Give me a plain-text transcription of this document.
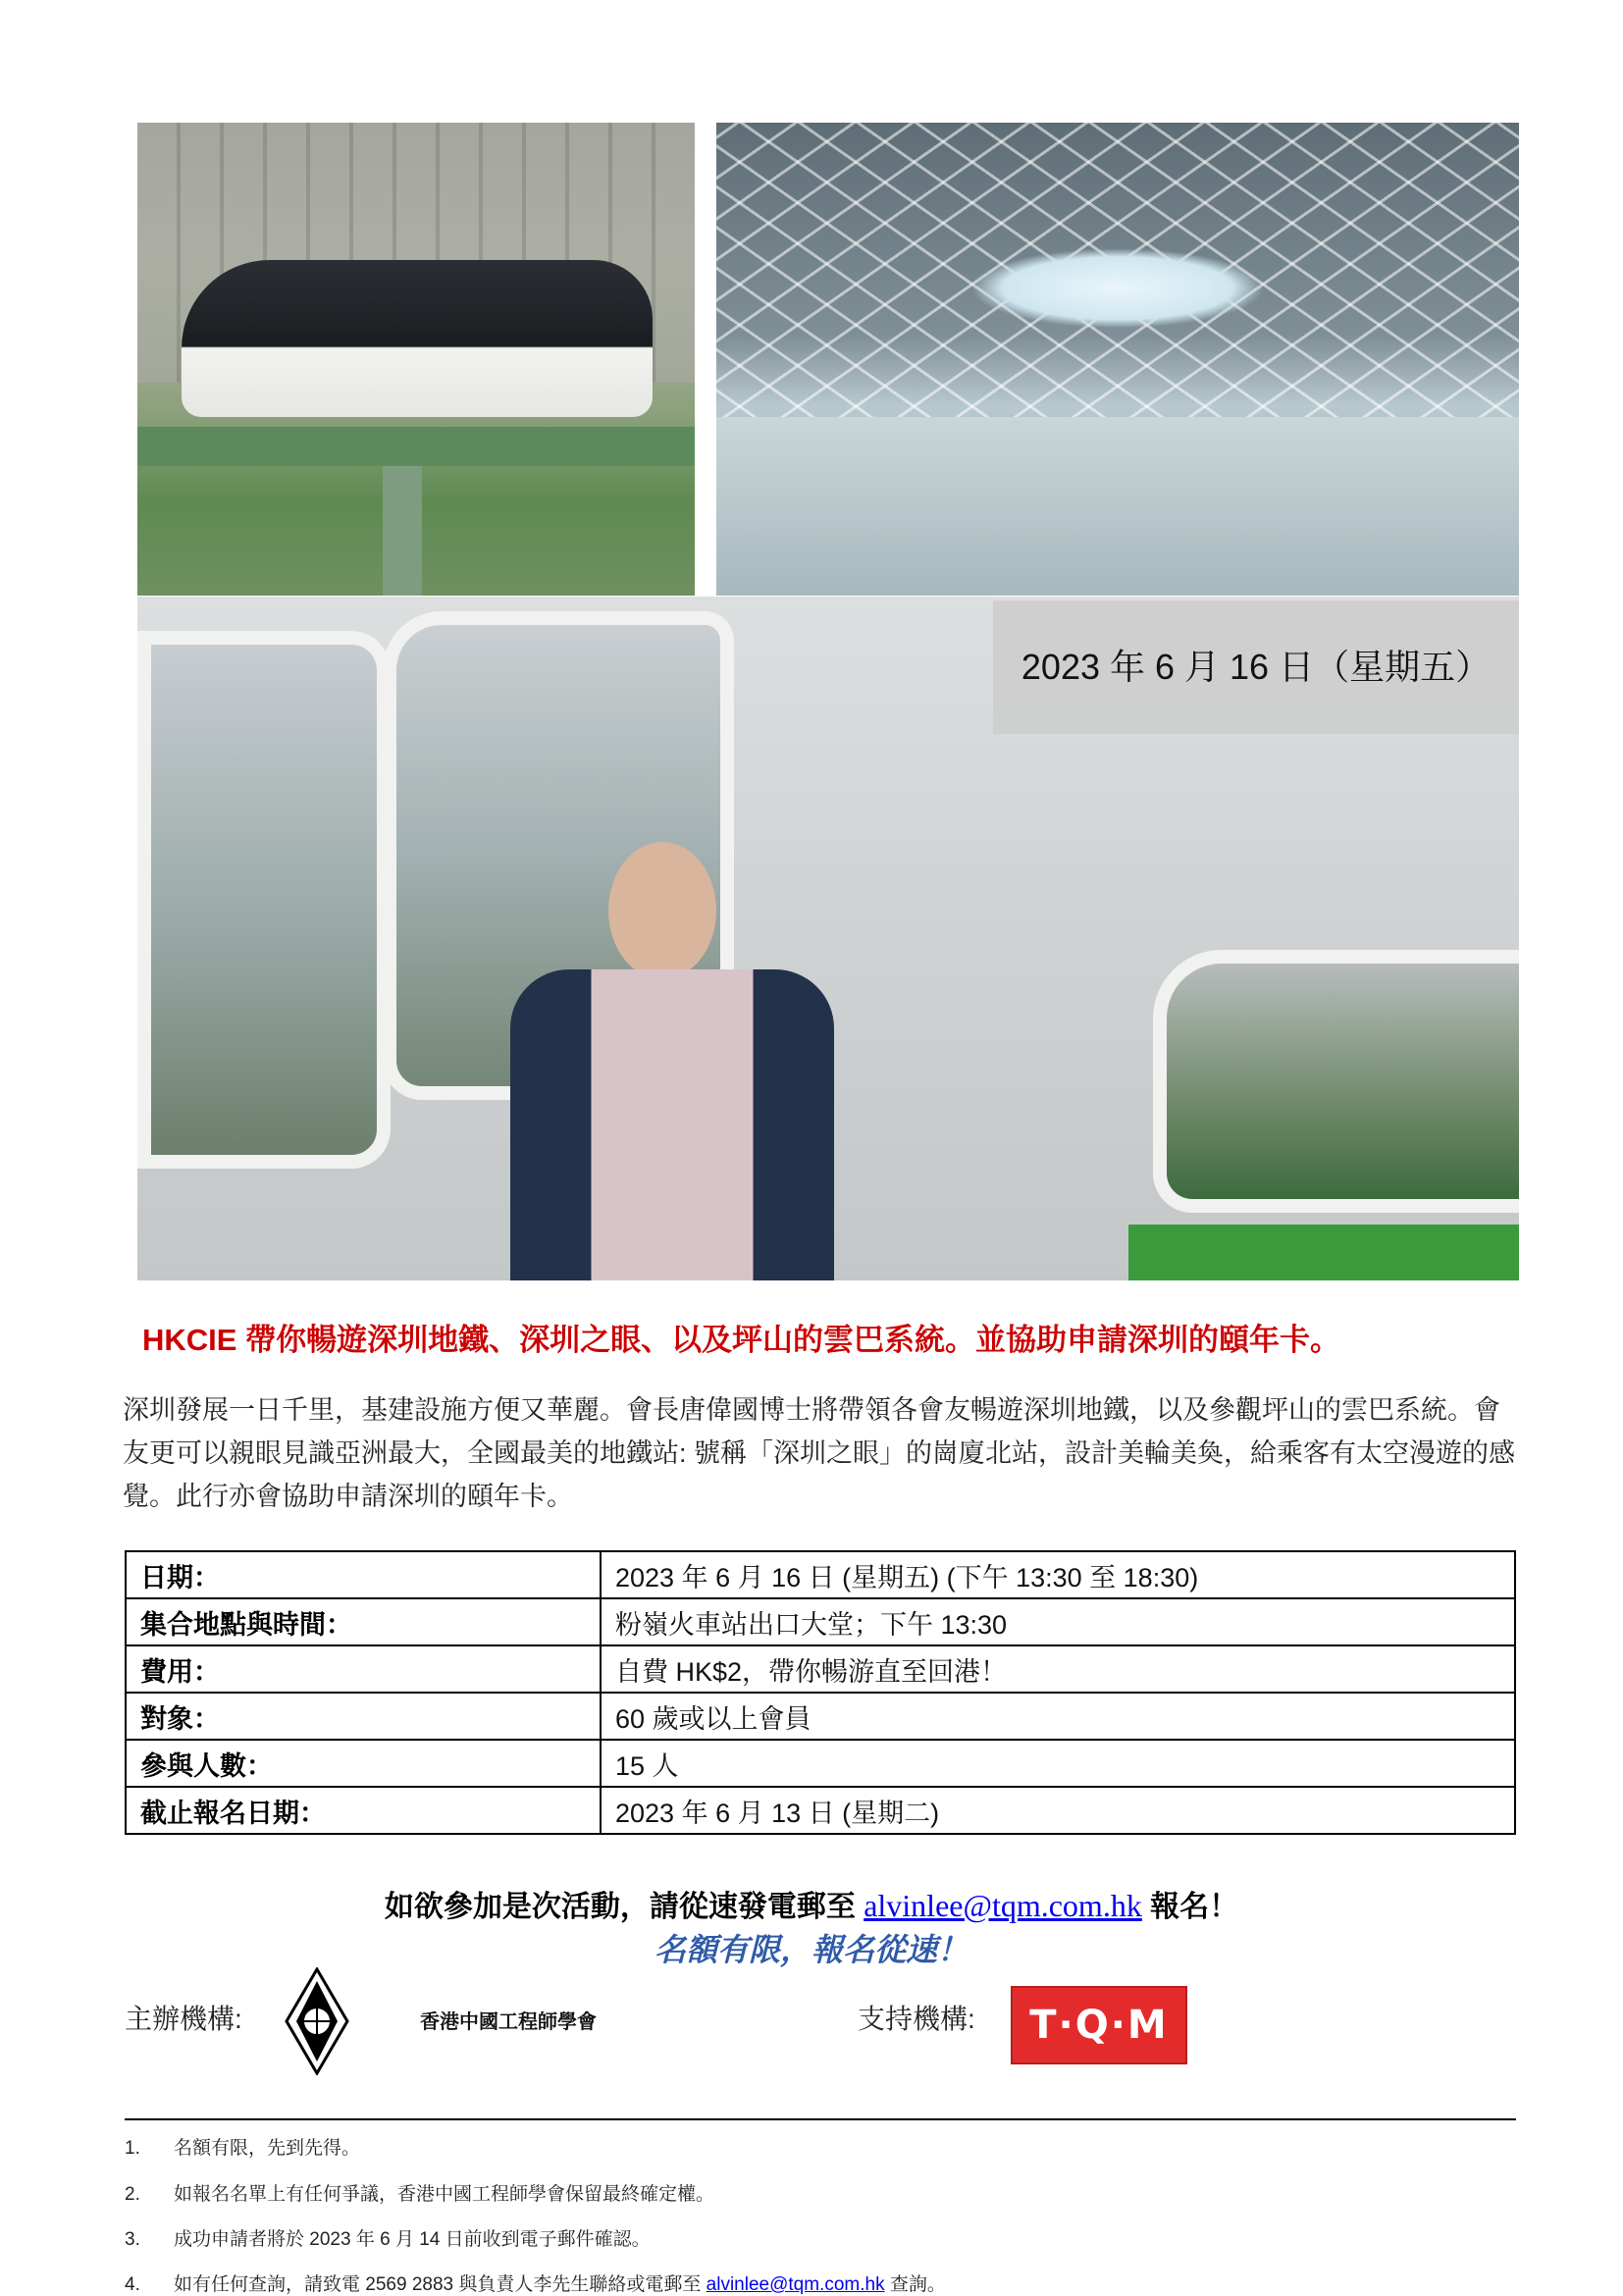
2023 年 6 月 16 日（星期五）
HKCIE 帶你暢遊深圳地鐵、深圳之眼、以及坪山的雲巴系統。並協助申請深圳的頤年卡。
深圳發展一日千里，基建設施方便又華麗。會長唐偉國博士將帶領各會友暢遊深圳地鐵，以及參觀坪山的雲巴系統。會友更可以親眼見識亞洲最大，全國最美的地鐵站: 號稱「深圳之眼」的崗廈北站，設計美輪美奐，給乘客有太空漫遊的感覺。此行亦會協助申請深圳的頤年卡。
日期：	2023 年 6 月 16 日 (星期五) (下午 13:30 至 18:30)
集合地點與時間：	粉嶺火車站出口大堂；下午 13:30
費用：	自費 HK$2，帶你暢游直至回港！
對象：	60 歲或以上會員
參與人數：	15 人
截止報名日期：	2023 年 6 月 13 日 (星期二)
如欲參加是次活動，請從速發電郵至 alvinlee@tqm.com.hk 報名！
名額有限，報名從速！
主辦機構:	香港中國工程師學會	支持機構: T·Q·M
1. 名額有限，先到先得。
2. 如報名名單上有任何爭議，香港中國工程師學會保留最終確定權。
3. 成功申請者將於 2023 年 6 月 14 日前收到電子郵件確認。
4. 如有任何查詢，請致電 2569 2883 與負責人李先生聯絡或電郵至 alvinlee@tqm.com.hk 查詢。
